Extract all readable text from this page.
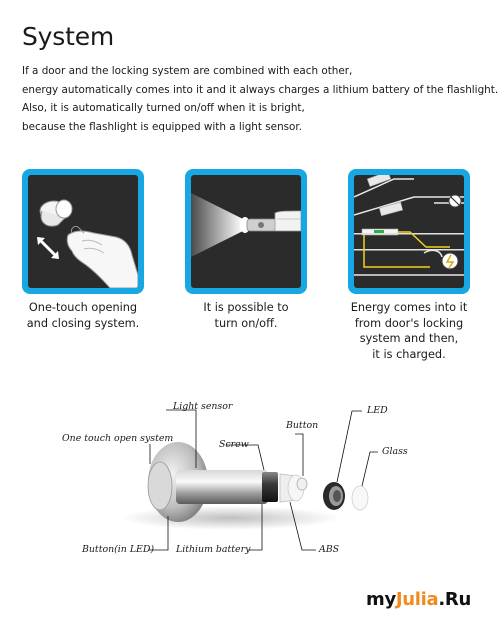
System
If a door and the locking system are combined with each other,
energy automatically comes into it and it always charges a lithium battery of the flashlight.
Also, it is automatically turned on/off when it is bright,
because the flashlight is equipped with a light sensor.
One-touch opening
and closing system.
It is possible to
turn on/off.
Energy comes into it
from door's locking
system and then,
it is charged.
Light sensor
One touch open system
Screw
Button
LED
Glass
Button(in LED) Lithium battery	ABS
myJulia.Ru
